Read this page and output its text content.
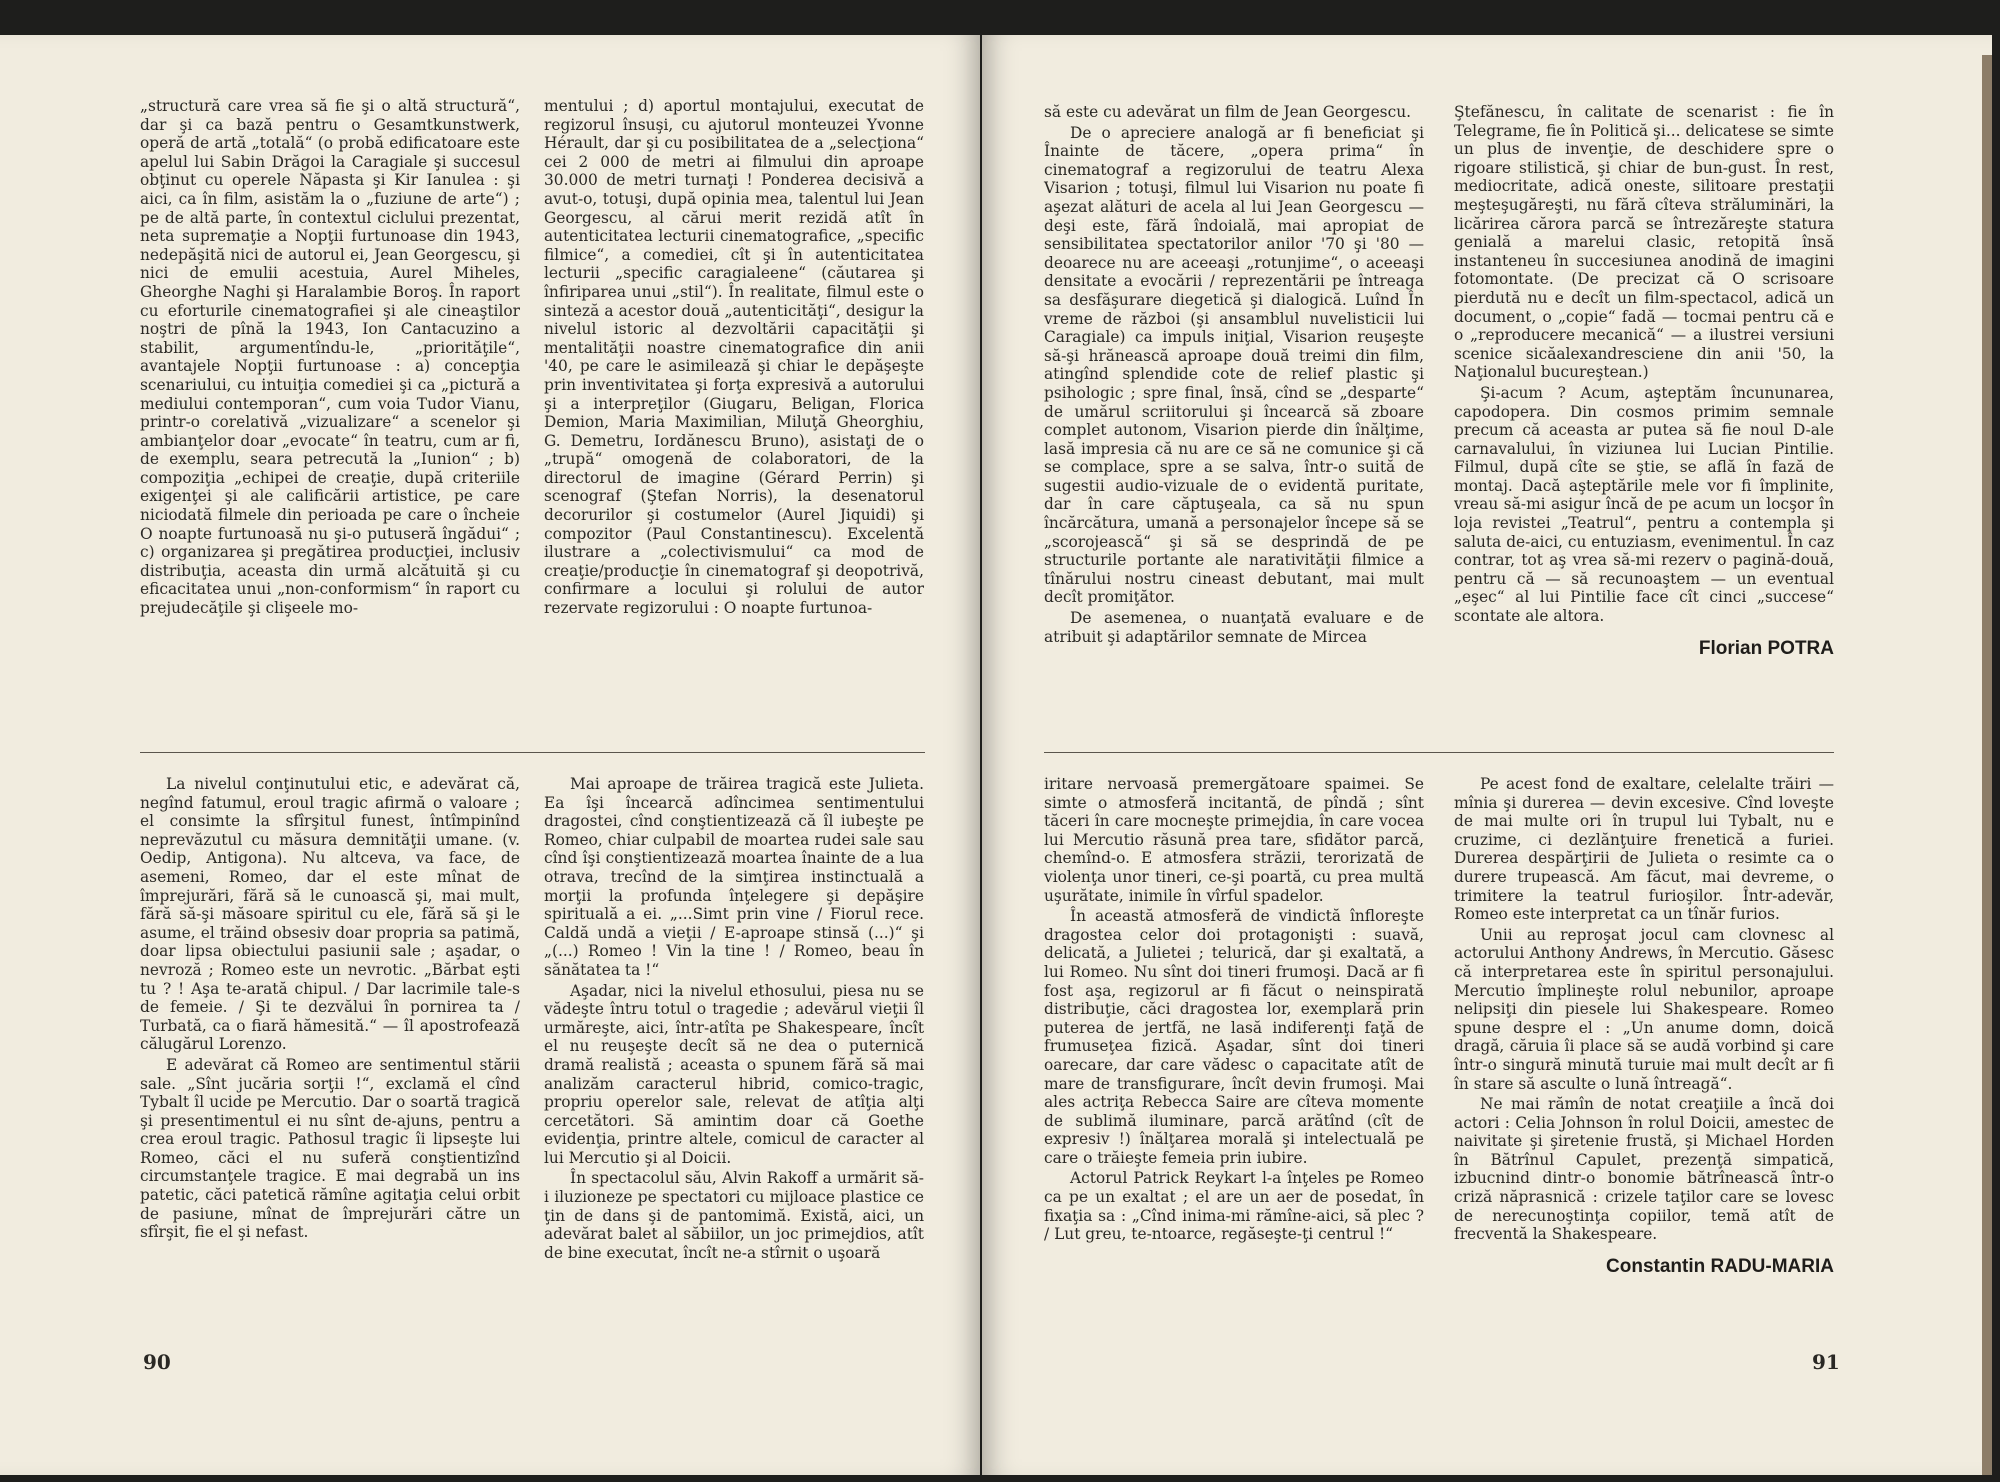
„structură care vrea să fie şi o altă structură“, dar şi ca bază pentru o Gesamtkunstwerk, operă de artă „totală“ (o probă edificatoare este apelul lui Sabin Drăgoi la Caragiale şi succesul obţinut cu operele Năpasta şi Kir Ianulea : şi aici, ca în film, asistăm la o „fuziune de arte“) ; pe de altă parte, în contextul ciclului prezentat, neta supremaţie a Nopţii furtunoase din 1943, nedepăşită nici de autorul ei, Jean Georgescu, şi nici de emulii acestuia, Aurel Miheles, Gheorghe Naghi şi Haralambie Boroş. În raport cu eforturile cinematografiei şi ale cineaştilor noştri de pînă la 1943, Ion Cantacuzino a stabilit, argumentîndu-le, „priorităţile“, avantajele Nopţii furtunoase : a) concepţia scenariului, cu intuiţia comediei şi ca „pictură a mediului contemporan“, cum voia Tudor Vianu, printr-o corelativă „vizualizare“ a scenelor şi ambianţelor doar „evocate“ în teatru, cum ar fi, de exemplu, seara petrecută la „Iunion“ ; b) compoziţia „echipei de creaţie, după criteriile exigenţei şi ale calificării artistice, pe care niciodată filmele din perioada pe care o încheie O noapte furtunoasă nu şi-o putuseră îngădui“ ; c) organizarea şi pregătirea producţiei, inclusiv distribuţia, aceasta din urmă alcătuită şi cu eficacitatea unui „non-conformism“ în raport cu prejudecăţile şi clişeele mo-

mentului ; d) aportul montajului, executat de regizorul însuşi, cu ajutorul monteuzei Yvonne Hérault, dar şi cu posibilitatea de a „selecţiona“ cei 2 000 de metri ai filmului din aproape 30.000 de metri turnaţi ! Ponderea decisivă a avut-o, totuşi, după opinia mea, talentul lui Jean Georgescu, al cărui merit rezidă atît în autenticitatea lecturii cinematografice, „specific filmice“, a comediei, cît şi în autenticitatea lecturii „specific caragialeene“ (căutarea şi înfiriparea unui „stil“). În realitate, filmul este o sinteză a acestor două „autenticităţi“, desigur la nivelul istoric al dezvoltării capacităţii şi mentalităţii noastre cinematografice din anii '40, pe care le asimilează şi chiar le depăşeşte prin inventivitatea şi forţa expresivă a autorului şi a interpreţilor (Giugaru, Beligan, Florica Demion, Maria Maximilian, Miluţă Gheorghiu, G. Demetru, Iordănescu Bruno), asistaţi de o „trupă“ omogenă de colaboratori, de la directorul de imagine (Gérard Perrin) şi scenograf (Ştefan Norris), la desenatorul decorurilor şi costumelor (Aurel Jiquidi) şi compozitor (Paul Constantinescu). Excelentă ilustrare a „colectivismului“ ca mod de creaţie/producţie în cinematograf şi deopotrivă, confirmare a locului şi rolului de autor rezervate regizorului : O noapte furtunoa-

La nivelul conţinutului etic, e adevărat că, negînd fatumul, eroul tragic afirmă o valoare ; el consimte la sfîrşitul funest, întîmpinînd neprevăzutul cu măsura demnităţii umane. (v. Oedip, Antigona). Nu altceva, va face, de asemeni, Romeo, dar el este mînat de împrejurări, fără să le cunoască şi, mai mult, fără să-şi măsoare spiritul cu ele, fără să şi le asume, el trăind obsesiv doar propria sa patimă, doar lipsa obiectului pasiunii sale ; aşadar, o nevroză ; Romeo este un nevrotic. „Bărbat eşti tu ? ! Aşa te-arată chipul. / Dar lacrimile tale-s de femeie. / Şi te dezvălui în pornirea ta / Turbată, ca o fiară hămesită.“ — îl apostrofează călugărul Lorenzo.

E adevărat că Romeo are sentimentul stării sale. „Sînt jucăria sorţii !“, exclamă el cînd Tybalt îl ucide pe Mercutio. Dar o soartă tragică şi presentimentul ei nu sînt de-ajuns, pentru a crea eroul tragic. Pathosul tragic îi lipseşte lui Romeo, căci el nu suferă conştientizînd circumstanţele tragice. E mai degrabă un ins patetic, căci patetică rămîne agitaţia celui orbit de pasiune, mînat de împrejurări către un sfîrşit, fie el şi nefast.

Mai aproape de trăirea tragică este Julieta. Ea îşi încearcă adîncimea sentimentului dragostei, cînd conştientizează că îl iubeşte pe Romeo, chiar culpabil de moartea rudei sale sau cînd îşi conştientizează moartea înainte de a lua otrava, trecînd de la simţirea instinctuală a morţii la profunda înţelegere şi depăşire spirituală a ei. „...Simt prin vine / Fiorul rece. Caldă undă a vieţii / E-aproape stinsă (...)“ şi „(...) Romeo ! Vin la tine ! / Romeo, beau în sănătatea ta !“

Aşadar, nici la nivelul ethosului, piesa nu se vădeşte întru totul o tragedie ; adevărul vieţii îl urmăreşte, aici, într-atîta pe Shakespeare, încît el nu reuşeşte decît să ne dea o puternică dramă realistă ; aceasta o spunem fără să mai analizăm caracterul hibrid, comico-tragic, propriu operelor sale, relevat de atîţia alţi cercetători. Să amintim doar că Goethe evidenţia, printre altele, comicul de caracter al lui Mercutio şi al Doicii.

În spectacolul său, Alvin Rakoff a urmărit să-i iluzioneze pe spectatori cu mijloace plastice ce ţin de dans şi de pantomimă. Există, aici, un adevărat balet al săbiilor, un joc primejdios, atît de bine executat, încît ne-a stîrnit o uşoară

90

să este cu adevărat un film de Jean Georgescu.

De o apreciere analogă ar fi beneficiat şi Înainte de tăcere, „opera prima“ în cinematograf a regizorului de teatru Alexa Visarion ; totuşi, filmul lui Visarion nu poate fi aşezat alături de acela al lui Jean Georgescu — deşi este, fără îndoială, mai apropiat de sensibilitatea spectatorilor anilor '70 şi '80 — deoarece nu are aceeaşi „rotunjime“, o aceeaşi densitate a evocării / reprezentării pe întreaga sa desfăşurare diegetică şi dialogică. Luînd În vreme de război (şi ansamblul nuvelisticii lui Caragiale) ca impuls iniţial, Visarion reuşeşte să-şi hrănească aproape două treimi din film, atingînd splendide cote de relief plastic şi psihologic ; spre final, însă, cînd se „desparte“ de umărul scriitorului şi încearcă să zboare complet autonom, Visarion pierde din înălţime, lasă impresia că nu are ce să ne comunice şi că se complace, spre a se salva, într-o suită de sugestii audio-vizuale de o evidentă puritate, dar în care căptuşeala, ca să nu spun încărcătura, umană a personajelor începe să se „scorojească“ şi să se desprindă de pe structurile portante ale narativităţii filmice a tînărului nostru cineast debutant, mai mult decît promiţător.

De asemenea, o nuanţată evaluare e de atribuit şi adaptărilor semnate de Mircea

Ştefănescu, în calitate de scenarist : fie în Telegrame, fie în Politică şi... delicatese se simte un plus de invenţie, de deschidere spre o rigoare stilistică, şi chiar de bun-gust. În rest, mediocritate, adică oneste, silitoare prestaţii meşteşugăreşti, nu fără cîteva străluminări, la licărirea cărora parcă se întrezăreşte statura genială a marelui clasic, retopită însă instanteneu în succesiunea anodină de imagini fotomontate. (De precizat că O scrisoare pierdută nu e decît un film-spectacol, adică un document, o „copie“ fadă — tocmai pentru că e o „reproducere mecanică“ — a ilustrei versiuni scenice sicăalexandresciene din anii '50, la Naţionalul bucureştean.)

Şi-acum ? Acum, aşteptăm încununarea, capodopera. Din cosmos primim semnale precum că aceasta ar putea să fie noul D-ale carnavalului, în viziunea lui Lucian Pintilie. Filmul, după cîte se ştie, se află în fază de montaj. Dacă aşteptările mele vor fi împlinite, vreau să-mi asigur încă de pe acum un locşor în loja revistei „Teatrul“, pentru a contempla şi saluta de-aici, cu entuziasm, evenimentul. În caz contrar, tot aş vrea să-mi rezerv o pagină-două, pentru că — să recunoaştem — un eventual „eşec“ al lui Pintilie face cît cinci „succese“ scontate ale altora.

Florian POTRA

iritare nervoasă premergătoare spaimei. Se simte o atmosferă incitantă, de pîndă ; sînt tăceri în care mocneşte primejdia, în care vocea lui Mercutio răsună prea tare, sfidător parcă, chemînd-o. E atmosfera străzii, terorizată de violenţa unor tineri, ce-şi poartă, cu prea multă uşurătate, inimile în vîrful spadelor.

În această atmosferă de vindictă înfloreşte dragostea celor doi protagonişti : suavă, delicată, a Julietei ; telurică, dar şi exaltată, a lui Romeo. Nu sînt doi tineri frumoşi. Dacă ar fi fost aşa, regizorul ar fi făcut o neinspirată distribuţie, căci dragostea lor, exemplară prin puterea de jertfă, ne lasă indiferenţi faţă de frumuseţea fizică. Aşadar, sînt doi tineri oarecare, dar care vădesc o capacitate atît de mare de transfigurare, încît devin frumoşi. Mai ales actriţa Rebecca Saire are cîteva momente de sublimă iluminare, parcă arătînd (cît de expresiv !) înălţarea morală şi intelectuală pe care o trăieşte femeia prin iubire.

Actorul Patrick Reykart l-a înţeles pe Romeo ca pe un exaltat ; el are un aer de posedat, în fixaţia sa : „Cînd inima-mi rămîne-aici, să plec ? / Lut greu, te-ntoarce, regăseşte-ţi centrul !“

Pe acest fond de exaltare, celelalte trăiri — mînia şi durerea — devin excesive. Cînd loveşte de mai multe ori în trupul lui Tybalt, nu e cruzime, ci dezlănţuire frenetică a furiei. Durerea despărţirii de Julieta o resimte ca o durere trupească. Am făcut, mai devreme, o trimitere la teatrul furioşilor. Într-adevăr, Romeo este interpretat ca un tînăr furios.

Unii au reproşat jocul cam clovnesc al actorului Anthony Andrews, în Mercutio. Găsesc că interpretarea este în spiritul personajului. Mercutio împlineşte rolul nebunilor, aproape nelipsiţi din piesele lui Shakespeare. Romeo spune despre el : „Un anume domn, doică dragă, căruia îi place să se audă vorbind şi care într-o singură minută turuie mai mult decît ar fi în stare să asculte o lună întreagă“.

Ne mai rămîn de notat creaţiile a încă doi actori : Celia Johnson în rolul Doicii, amestec de naivitate şi şiretenie frustă, şi Michael Horden în Bătrînul Capulet, prezenţă simpatică, izbucnind dintr-o bonomie bătrînească într-o criză năprasnică : crizele taţilor care se lovesc de nerecunoştinţa copiilor, temă atît de frecventă la Shakespeare.

Constantin RADU-MARIA
91
